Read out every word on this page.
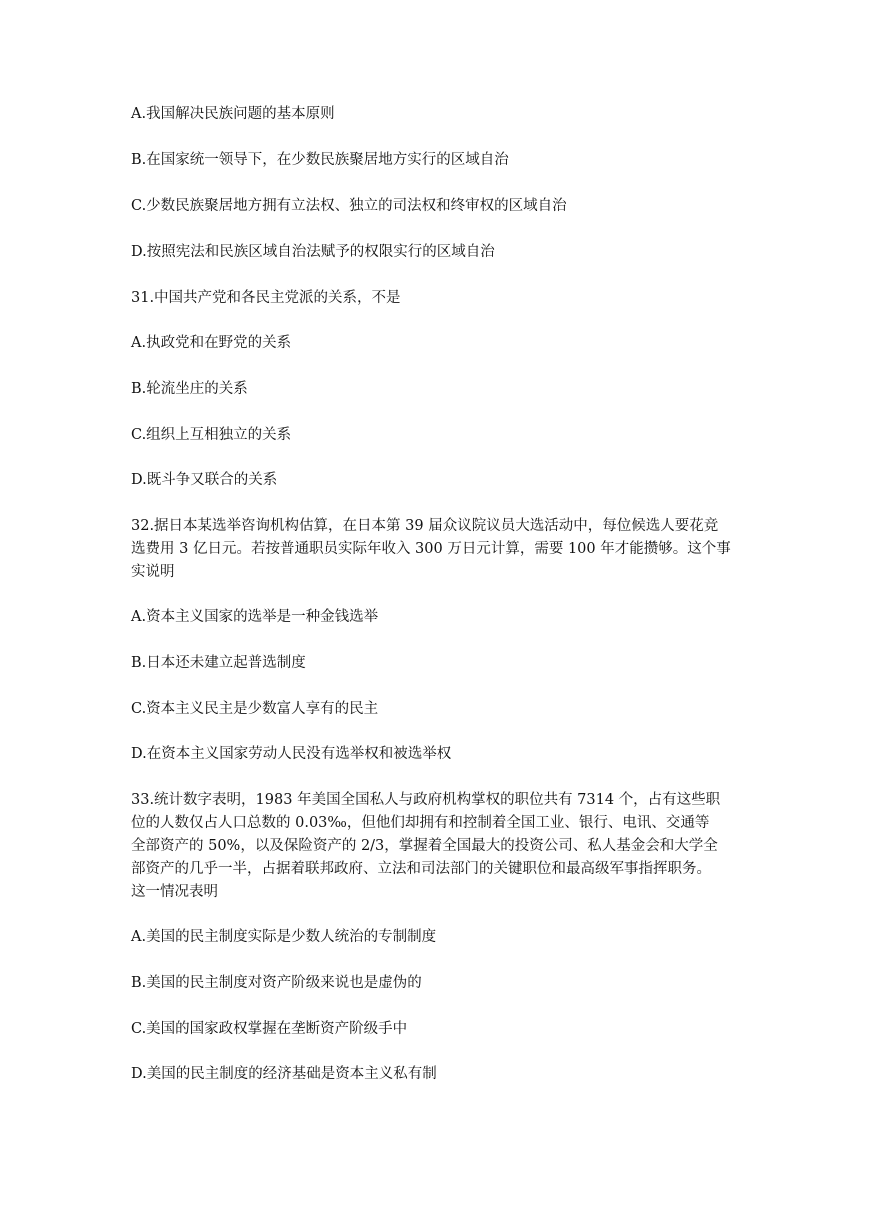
A.我国解决民族问题的基本原则

B.在国家统一领导下，在少数民族聚居地方实行的区域自治

C.少数民族聚居地方拥有立法权、独立的司法权和终审权的区域自治

D.按照宪法和民族区域自治法赋予的权限实行的区域自治

31.中国共产党和各民主党派的关系，不是

A.执政党和在野党的关系

B.轮流坐庄的关系

C.组织上互相独立的关系

D.既斗争又联合的关系

32.据日本某选举咨询机构估算，在日本第 39 届众议院议员大选活动中，每位候选人要花竞
选费用 3 亿日元。若按普通职员实际年收入 300 万日元计算，需要 100 年才能攒够。这个事
实说明

A.资本主义国家的选举是一种金钱选举

B.日本还未建立起普选制度

C.资本主义民主是少数富人享有的民主

D.在资本主义国家劳动人民没有选举权和被选举权

33.统计数字表明，1983 年美国全国私人与政府机构掌权的职位共有 7314 个，占有这些职
位的人数仅占人口总数的 0.03‰，但他们却拥有和控制着全国工业、银行、电讯、交通等
全部资产的 50%，以及保险资产的 2/3，掌握着全国最大的投资公司、私人基金会和大学全
部资产的几乎一半，占据着联邦政府、立法和司法部门的关键职位和最高级军事指挥职务。
这一情况表明

A.美国的民主制度实际是少数人统治的专制制度

B.美国的民主制度对资产阶级来说也是虚伪的

C.美国的国家政权掌握在垄断资产阶级手中

D.美国的民主制度的经济基础是资本主义私有制
